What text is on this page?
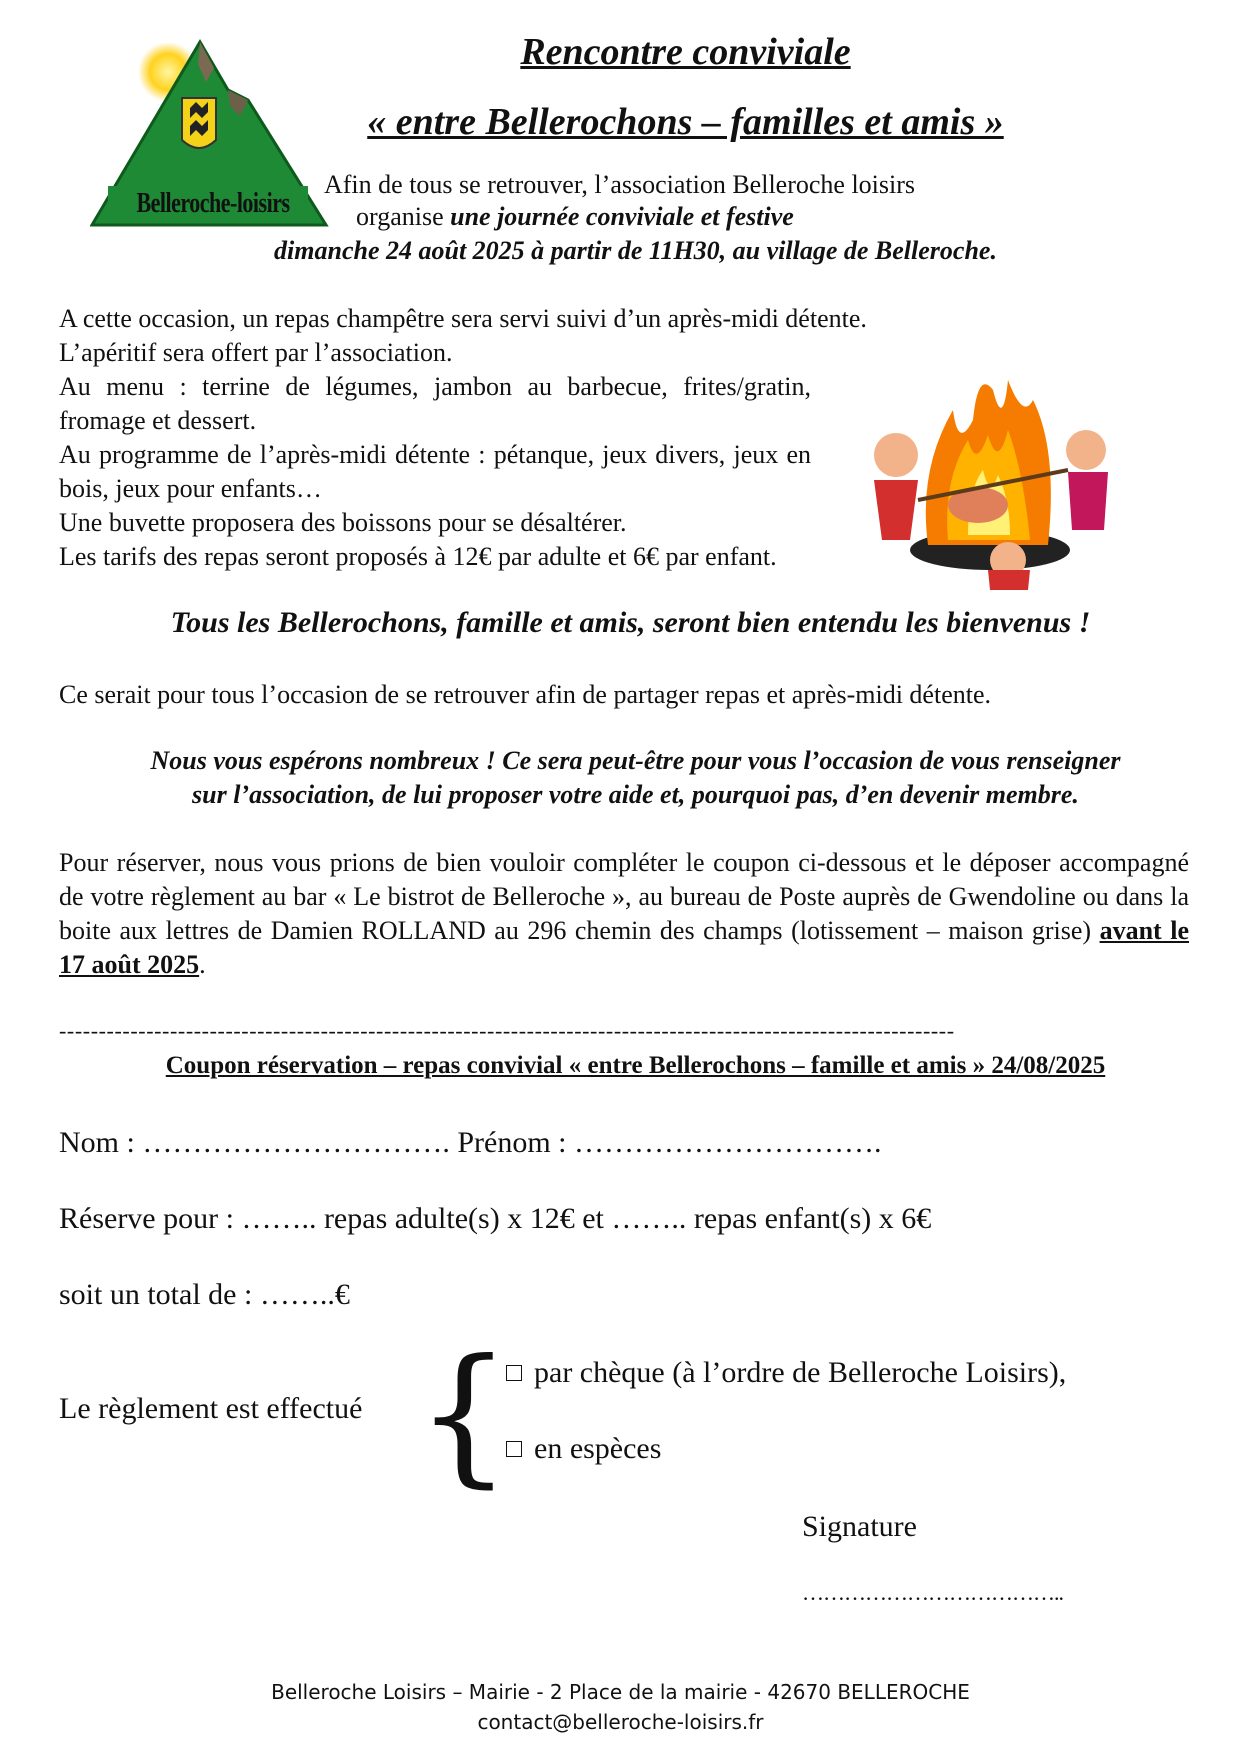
Belleroche-loisirs
Rencontre conviviale
« entre Bellerochons – familles et amis »
Afin de tous se retrouver, l’association Belleroche loisirs
organise une journée conviviale et festive
dimanche 24 août 2025 à partir de 11H30, au village de Belleroche.
A cette occasion, un repas champêtre sera servi suivi d’un après-midi détente.
L’apéritif sera offert par l’association.
Au menu : terrine de légumes, jambon au barbecue, frites/gratin, fromage et dessert.
Au programme de l’après-midi détente : pétanque, jeux divers, jeux en bois, jeux pour enfants…
Une buvette proposera des boissons pour se désaltérer.
Les tarifs des repas seront proposés à 12€ par adulte et 6€ par enfant.
Tous les Bellerochons, famille et amis, seront bien entendu les bienvenus !
Ce serait pour tous l’occasion de se retrouver afin de partager repas et après-midi détente.
Nous vous espérons nombreux ! Ce sera peut-être pour vous l’occasion de vous renseigner
sur l’association, de lui proposer votre aide et, pourquoi pas, d’en devenir membre.
Pour réserver, nous vous prions de bien vouloir compléter le coupon ci-dessous et le déposer accompagné de votre règlement au bar « Le bistrot de Belleroche », au bureau de Poste auprès de Gwendoline ou dans la boite aux lettres de Damien ROLLAND au 296 chemin des champs (lotissement – maison grise) avant le 17 août 2025.
-----------------------------------------------------------------------------------------------------------------
Coupon réservation – repas convivial « entre Bellerochons – famille et amis » 24/08/2025
Nom : …………………………. Prénom : ………………………….
Réserve pour : …….. repas adulte(s) x 12€ et …….. repas enfant(s) x 6€
soit un total de : ……..€
Le règlement est effectué { par chèque (à l’ordre de Belleroche Loisirs),
en espèces
Signature
………………………………..
Belleroche Loisirs – Mairie - 2 Place de la mairie - 42670 BELLEROCHE
contact@belleroche-loisirs.fr
